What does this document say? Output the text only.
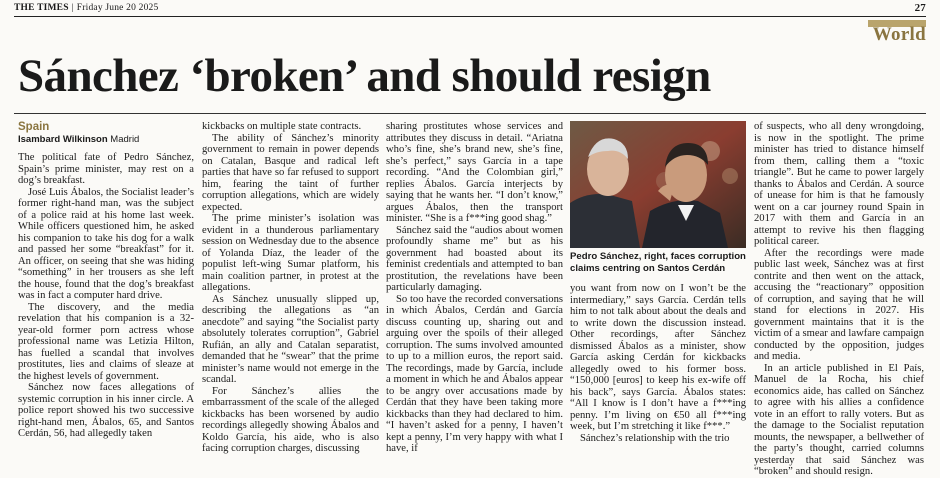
THE TIMES | Friday June 20 2025	27
World
Sánchez ‘broken’ and should resign
Spain
Isambard Wilkinson Madrid

The political fate of Pedro Sánchez, Spain’s prime minister, may rest on a dog’s breakfast.

José Luis Ábalos, the Socialist leader’s former right-hand man, was the subject of a police raid at his home last week. While officers questioned him, he asked his companion to take his dog for a walk and passed her some “breakfast” for it. An officer, on seeing that she was hiding “something” in her trousers as she left the house, found that the dog’s breakfast was in fact a computer hard drive.

The discovery, and the media revelation that his companion is a 32-year-old former porn actress whose professional name was Letizia Hilton, has fuelled a scandal that involves prostitutes, lies and claims of sleaze at the highest levels of government.

Sánchez now faces allegations of systemic corruption in his inner circle. A police report showed his two successive right-hand men, Ábalos, 65, and Santos Cerdán, 56, had allegedly taken

kickbacks on multiple state contracts.

The ability of Sánchez’s minority government to remain in power depends on Catalan, Basque and radical left parties that have so far refused to support him, fearing the taint of further corruption allegations, which are widely expected.

The prime minister’s isolation was evident in a thunderous parliamentary session on Wednesday due to the absence of Yolanda Díaz, the leader of the populist left-wing Sumar platform, his main coalition partner, in protest at the allegations.

As Sánchez unusually slipped up, describing the allegations as “an anecdote” and saying “the Socialist party absolutely tolerates corruption”, Gabriel Rufián, an ally and Catalan separatist, demanded that he “swear” that the prime minister’s name would not emerge in the scandal.

For Sánchez’s allies the embarrassment of the scale of the alleged kickbacks has been worsened by audio recordings allegedly showing Ábalos and Koldo García, his aide, who is also facing corruption charges, discussing

sharing prostitutes whose services and attributes they discuss in detail. “Ariatna who’s fine, she’s brand new, she’s fine, she’s perfect,” says García in a tape recording. “And the Colombian girl,” replies Ábalos. García interjects by saying that he wants her. “I don’t know,” argues Ábalos, then the transport minister. “She is a f***ing good shag.”

Sánchez said the “audios about women profoundly shame me” but as his government had boasted about its feminist credentials and attempted to ban prostitution, the revelations have been particularly damaging.

So too have the recorded conversations in which Ábalos, Cerdán and García discuss counting up, sharing out and arguing over the spoils of their alleged corruption. The sums involved amounted to up to a million euros, the report said. The recordings, made by García, include a moment in which he and Ábalos appear to be angry over accusations made by Cerdán that they have been taking more kickbacks than they had declared to him. “I haven’t asked for a penny, I haven’t kept a penny, I’m very happy with what I have, if

Pedro Sánchez, right, faces corruption claims centring on Santos Cerdán

you want from now on I won’t be the intermediary,” says García. Cerdán tells him to not talk about about the deals and to write down the discussion instead. Other recordings, after Sánchez dismissed Ábalos as a minister, show García asking Cerdán for kickbacks allegedly owed to his former boss. “150,000 [euros] to keep his ex-wife off his back”, says García. Ábalos states: “All I know is I don’t have a f***ing penny. I’m living on €50 all f***ing week, but I’m stretching it like f***.”

Sánchez’s relationship with the trio

of suspects, who all deny wrongdoing, is now in the spotlight. The prime minister has tried to distance himself from them, calling them a “toxic triangle”. But he came to power largely thanks to Ábalos and Cerdán. A source of unease for him is that he famously went on a car journey round Spain in 2017 with them and García in an attempt to revive his then flagging political career.

After the recordings were made public last week, Sánchez was at first contrite and then went on the attack, accusing the “reactionary” opposition of corruption, and saying that he will stand for elections in 2027. His government maintains that it is the victim of a smear and lawfare campaign conducted by the opposition, judges and media.

In an article published in El País, Manuel de la Rocha, his chief economics aide, has called on Sánchez to agree with his allies a confidence vote in an effort to rally voters. But as the damage to the Socialist reputation mounts, the newspaper, a bellwether of the party’s thought, carried columns yesterday that said Sánchez was “broken” and should resign.
